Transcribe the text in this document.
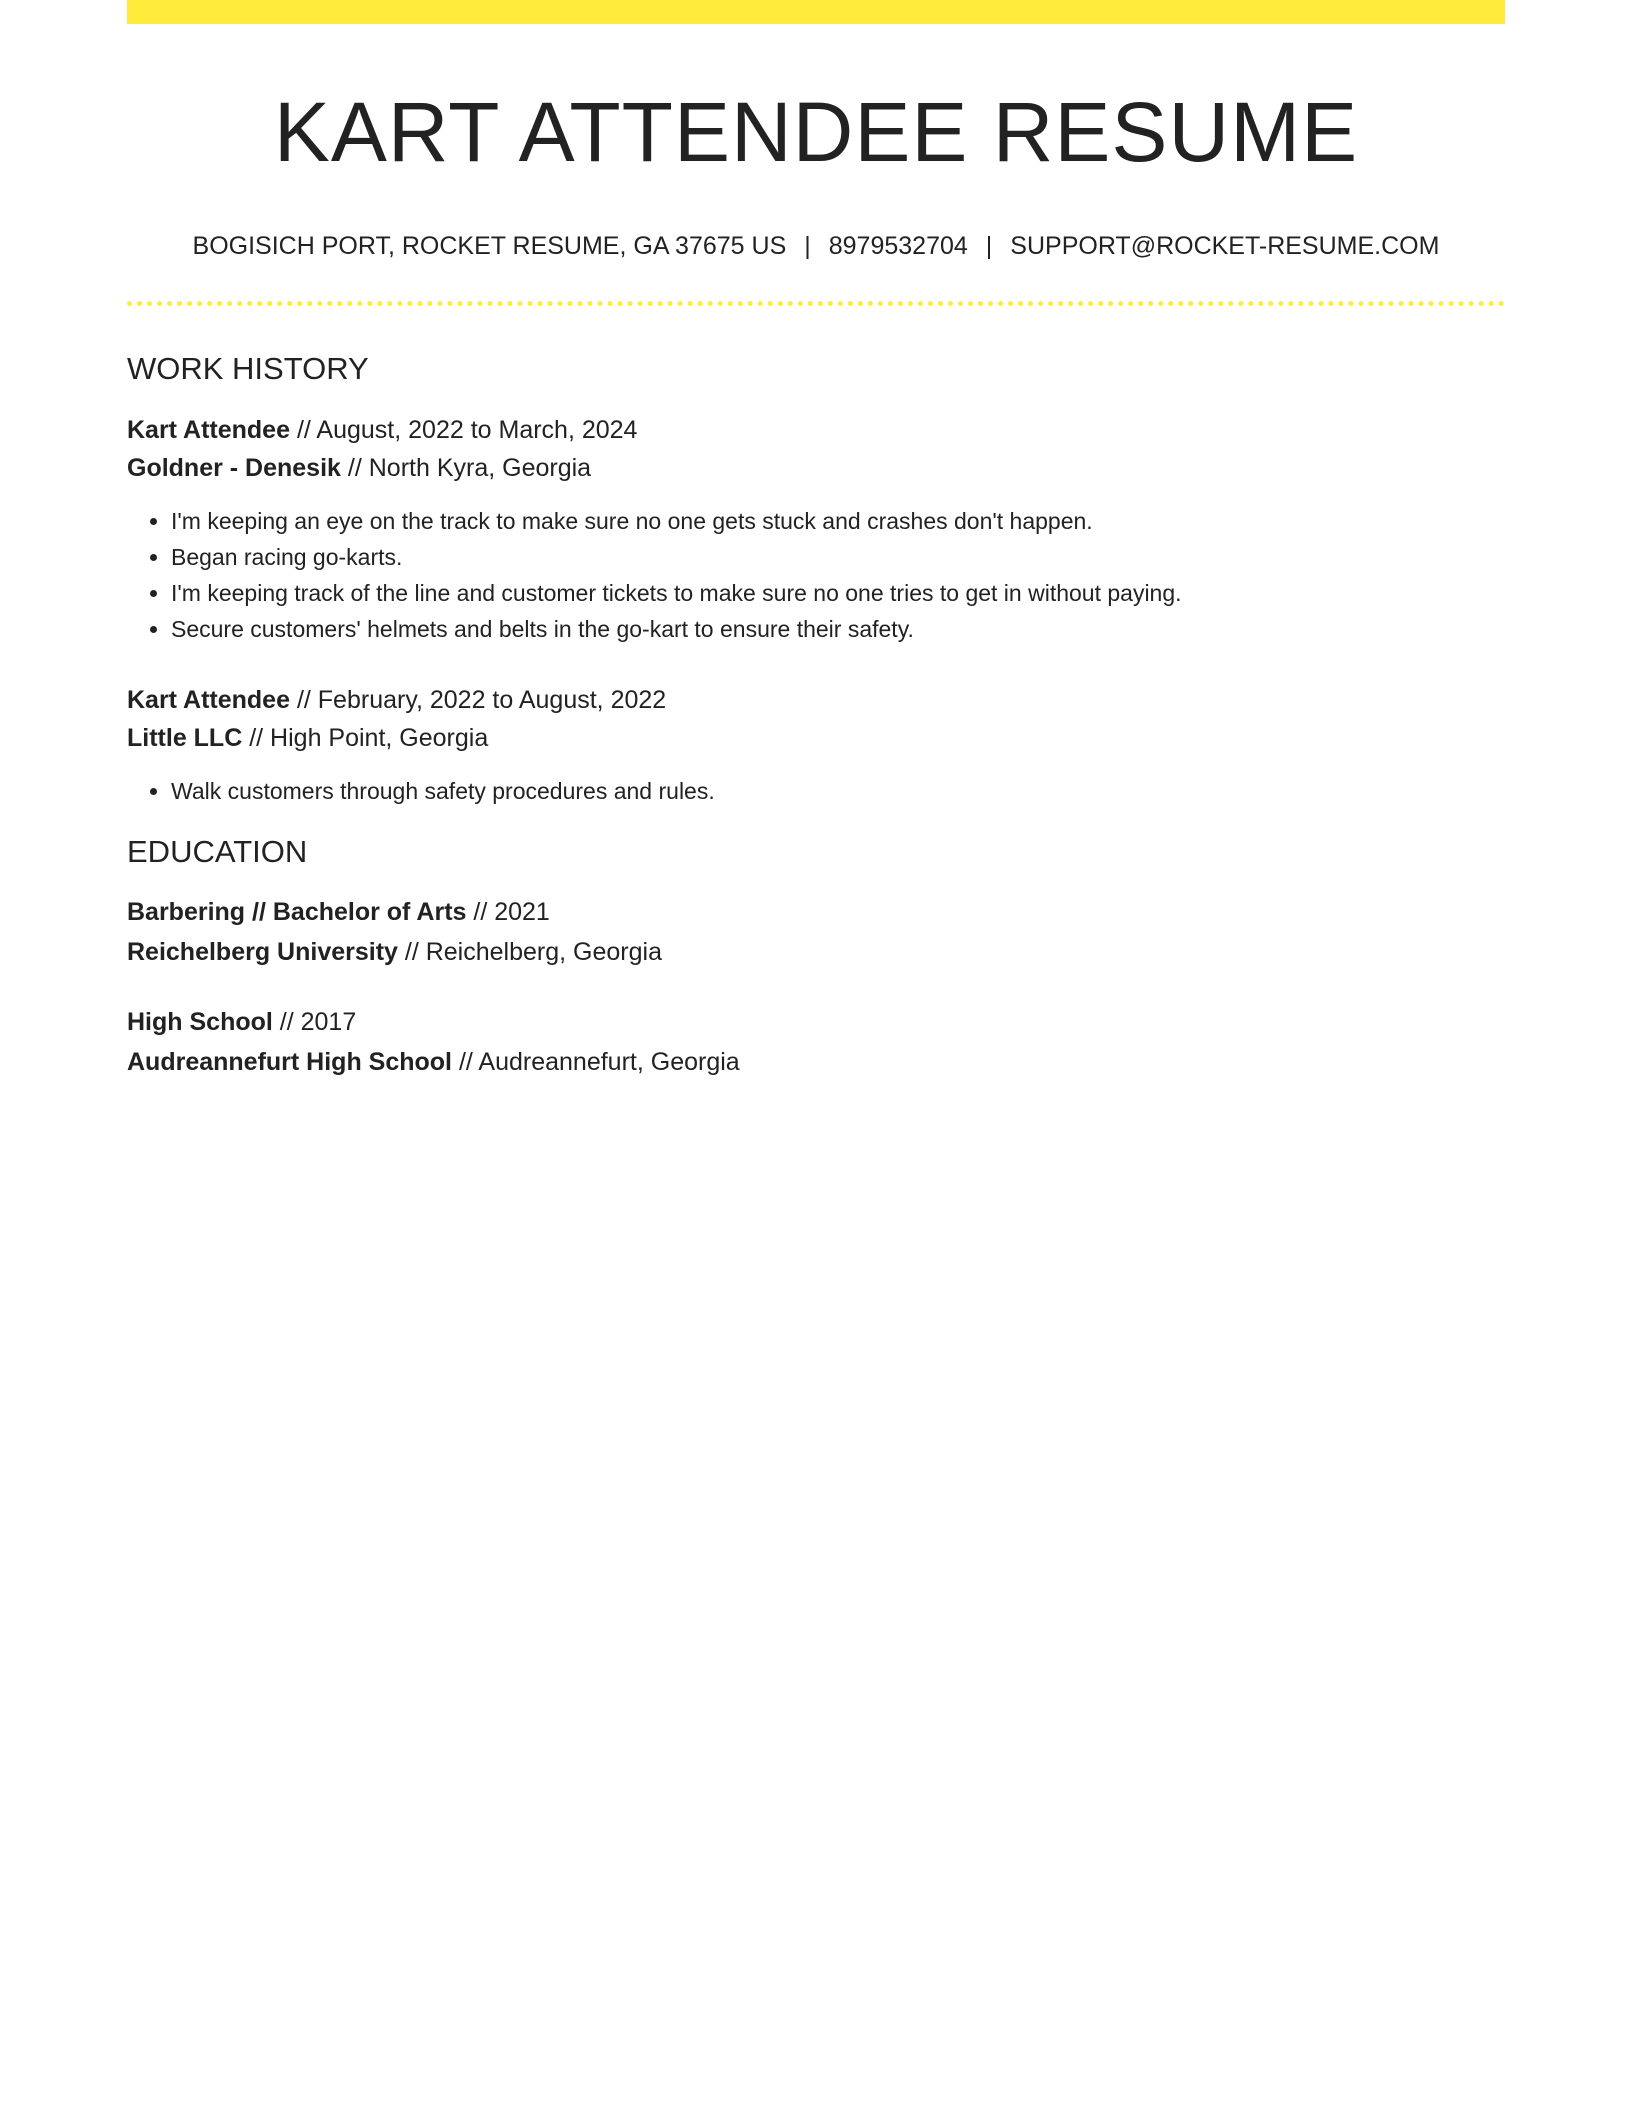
KART ATTENDEE RESUME
BOGISICH PORT, ROCKET RESUME, GA 37675 US | 8979532704 | SUPPORT@ROCKET-RESUME.COM
WORK HISTORY
Kart Attendee // August, 2022 to March, 2024
Goldner - Denesik // North Kyra, Georgia
• I'm keeping an eye on the track to make sure no one gets stuck and crashes don't happen.
• Began racing go-karts.
• I'm keeping track of the line and customer tickets to make sure no one tries to get in without paying.
• Secure customers' helmets and belts in the go-kart to ensure their safety.
Kart Attendee // February, 2022 to August, 2022
Little LLC // High Point, Georgia
• Walk customers through safety procedures and rules.
EDUCATION
Barbering // Bachelor of Arts // 2021
Reichelberg University // Reichelberg, Georgia
High School // 2017
Audreannefurt High School // Audreannefurt, Georgia
